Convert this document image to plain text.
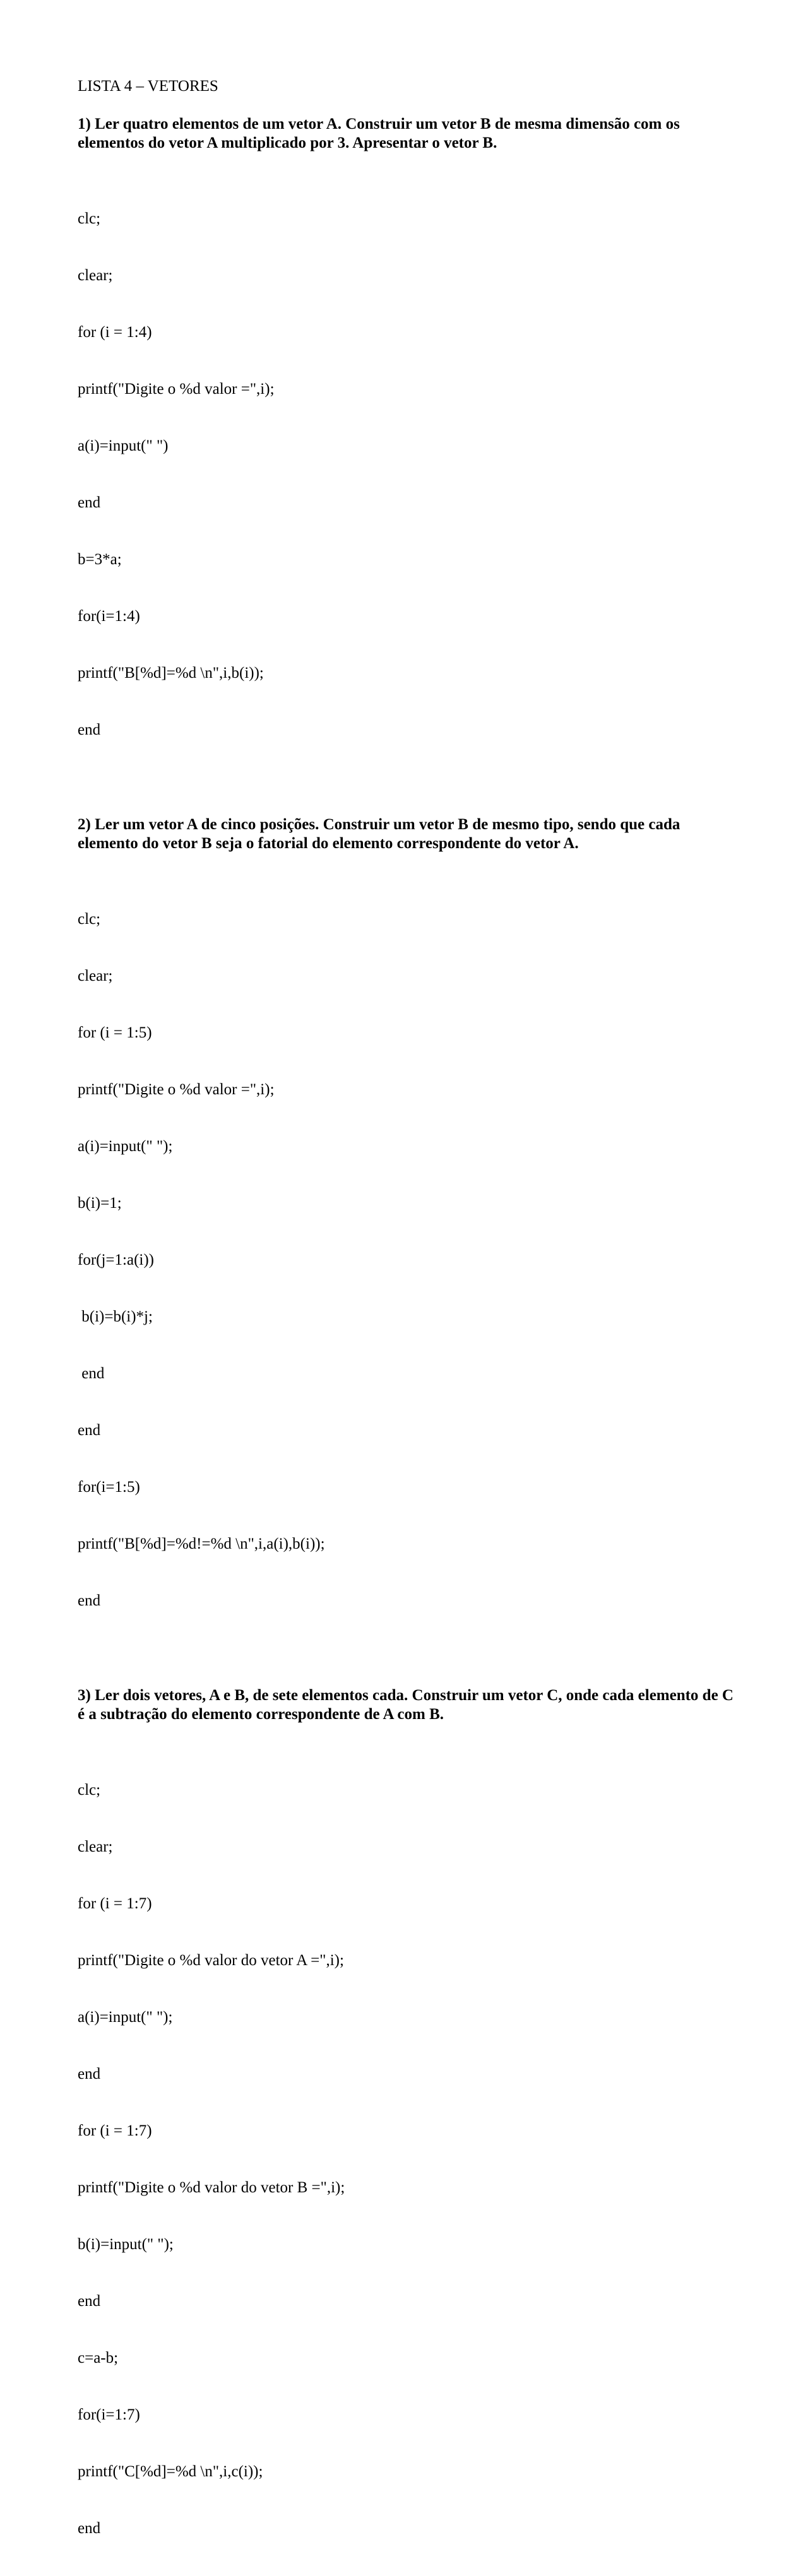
LISTA 4 – VETORES
1) Ler quatro elementos de um vetor A. Construir um vetor B de mesma dimensão com os elementos do vetor A multiplicado por 3. Apresentar o vetor B.

clc;

clear;

for (i = 1:4)

printf("Digite o %d valor =",i);

a(i)=input(" ")

end

b=3*a;

for(i=1:4)

printf("B[%d]=%d \n",i,b(i));

end

2) Ler um vetor A de cinco posições. Construir um vetor B de mesmo tipo, sendo que cada elemento do vetor B seja o fatorial do elemento correspondente do vetor A.

clc;

clear;

for (i = 1:5)

printf("Digite o %d valor =",i);

a(i)=input(" ");

b(i)=1;

for(j=1:a(i))

b(i)=b(i)*j;

end

end

for(i=1:5)

printf("B[%d]=%d!=%d \n",i,a(i),b(i));

end

3) Ler dois vetores, A e B, de sete elementos cada. Construir um vetor C, onde cada elemento de C é a subtração do elemento correspondente de A com B.

clc;

clear;

for (i = 1:7)

printf("Digite o %d valor do vetor A =",i);

a(i)=input(" ");

end

for (i = 1:7)

printf("Digite o %d valor do vetor B =",i);

b(i)=input(" ");

end

c=a-b;

for(i=1:7)

printf("C[%d]=%d \n",i,c(i));

end
